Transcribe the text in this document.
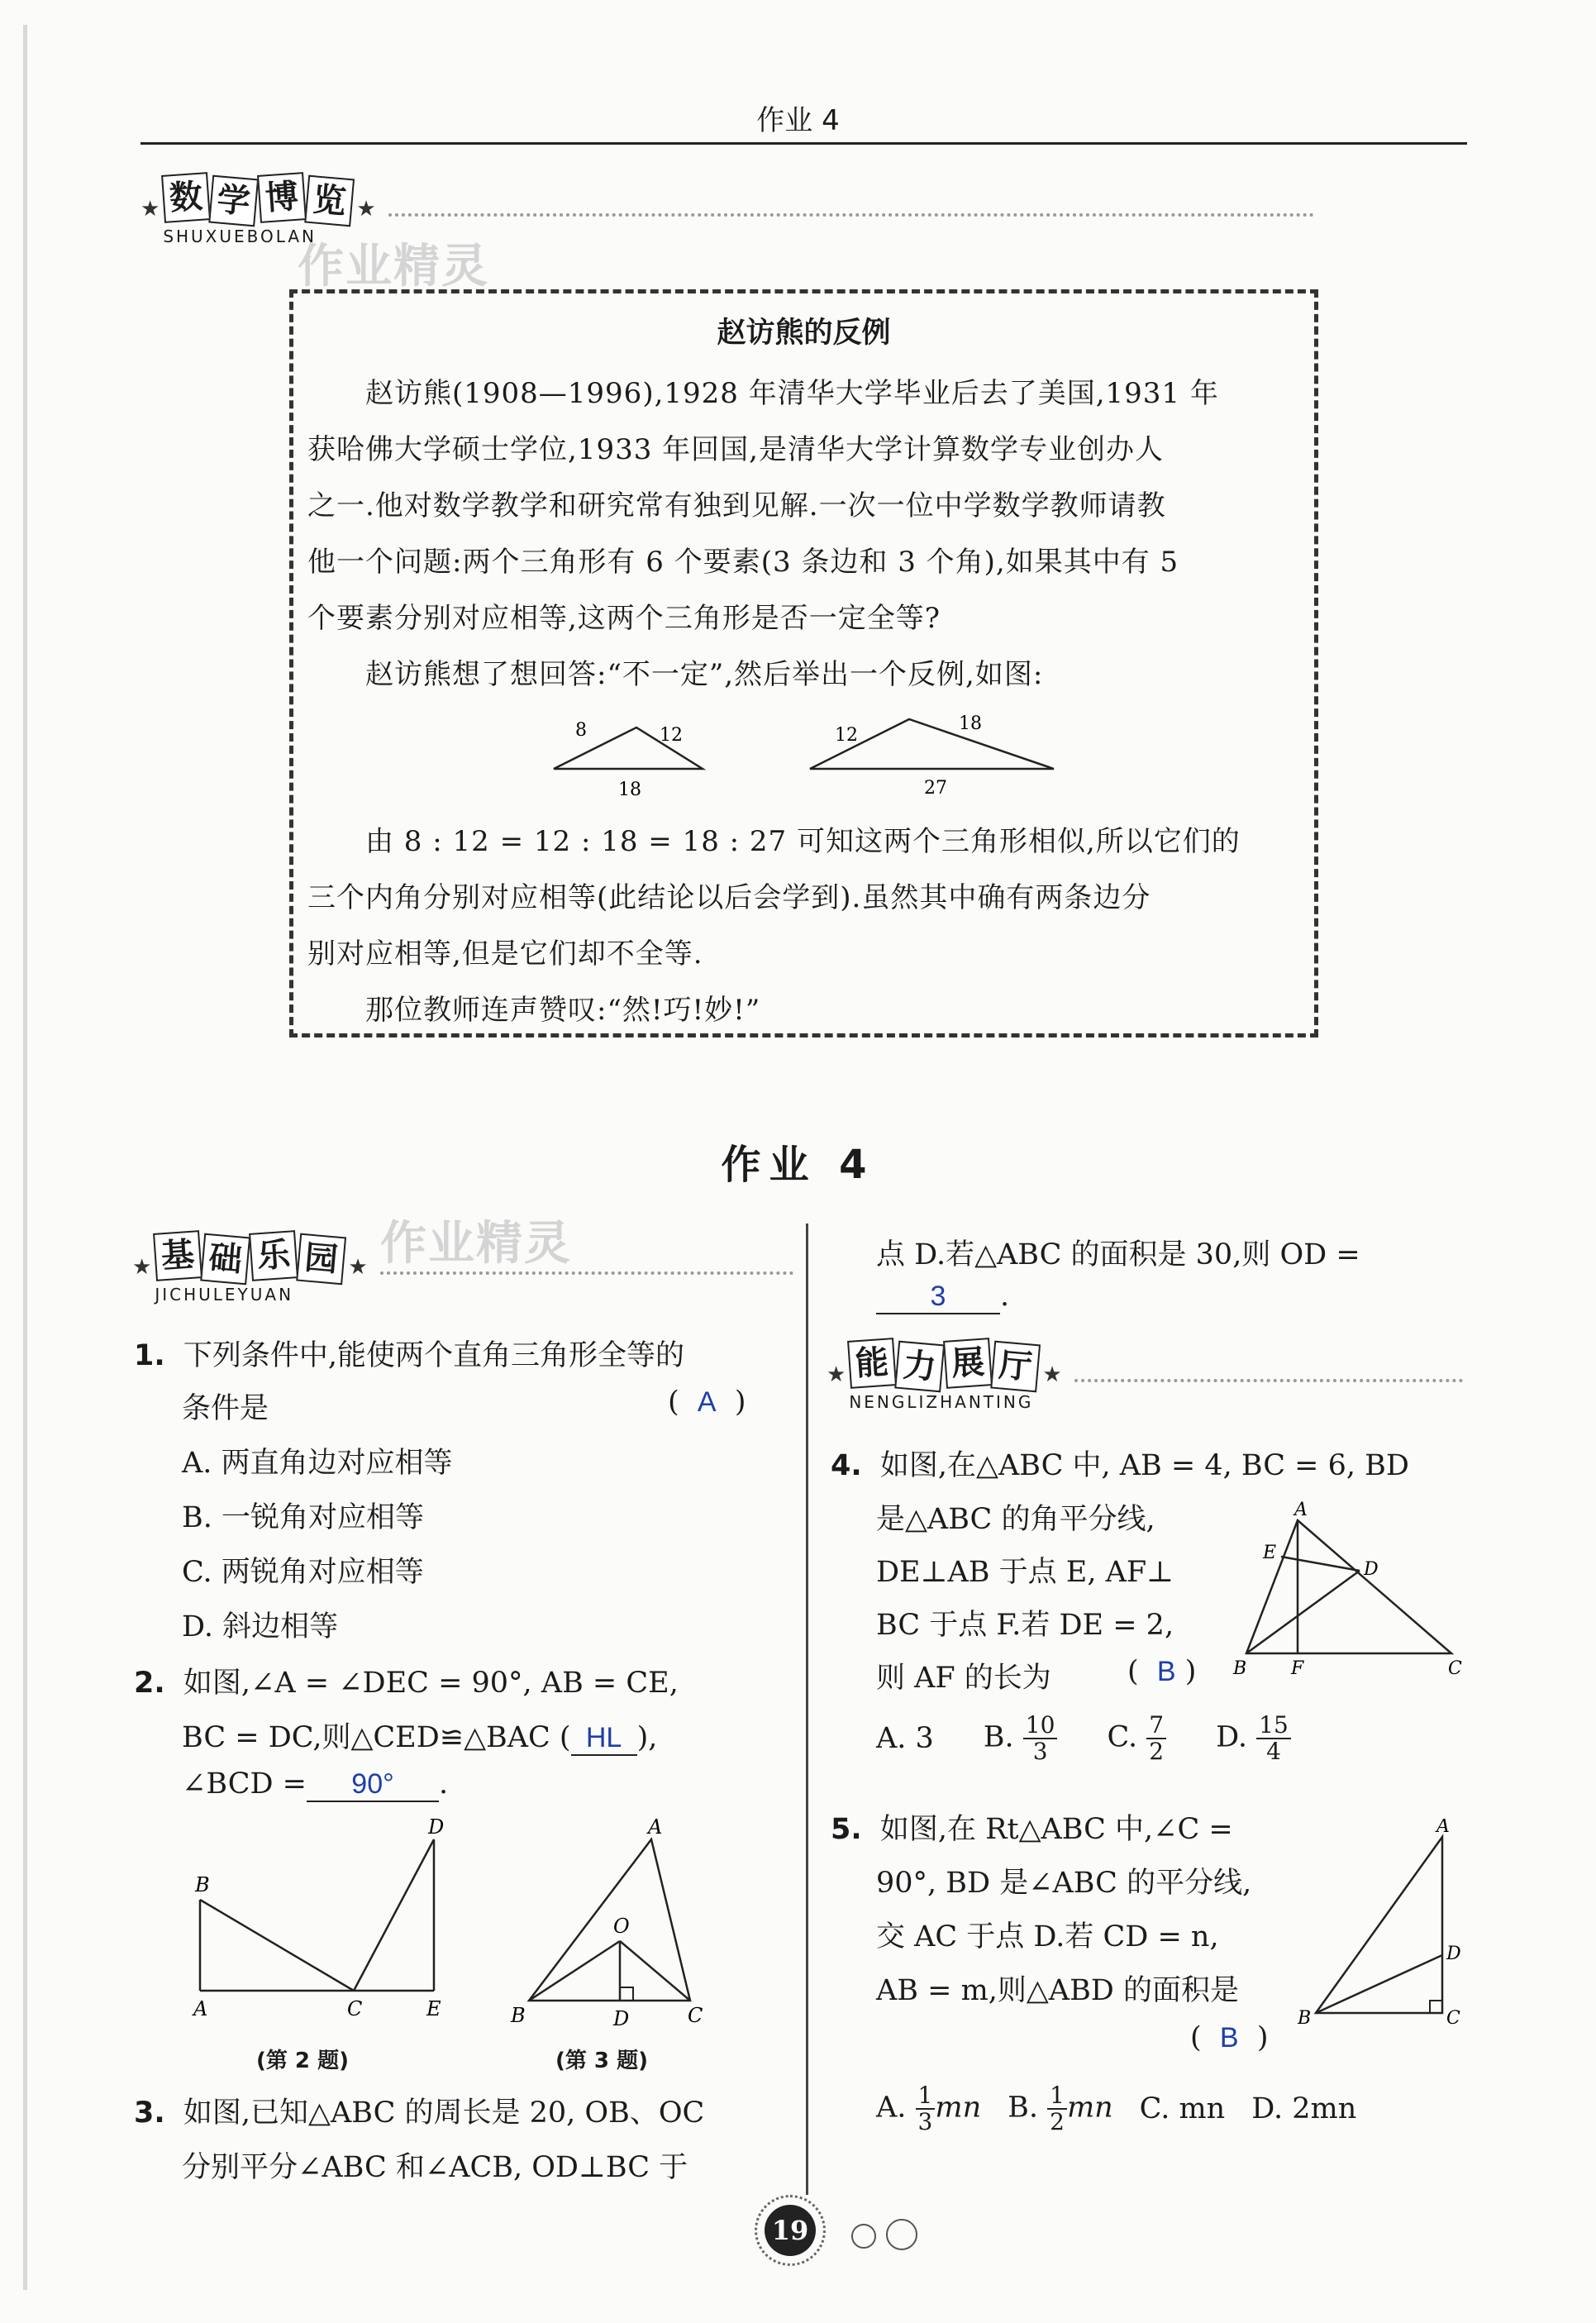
作业 4
★ 数 学 博 览
SHUXUEBOLAN
★
作业精灵
赵访熊的反例
　　赵访熊(1908—1996),1928 年清华大学毕业后去了美国,1931 年
获哈佛大学硕士学位,1933 年回国,是清华大学计算数学专业创办人
之一.他对数学教学和研究常有独到见解.一次一位中学数学教师请教
他一个问题:两个三角形有 6 个要素(3 条边和 3 个角),如果其中有 5
个要素分别对应相等,这两个三角形是否一定全等?
　　赵访熊想了想回答:“不一定”,然后举出一个反例,如图:
8	12
18
12
18
27
　　由 8 : 12 = 12 : 18 = 18 : 27 可知这两个三角形相似,所以它们的
三个内角分别对应相等(此结论以后会学到).虽然其中确有两条边分
别对应相等,但是它们却不全等.
　　那位教师连声赞叹:“然!巧!妙!”
作业 4
★ 基 础 乐 园
JICHULEYUAN
★ 作业精灵
1. 下列条件中,能使两个直角三角形全等的
条件是	(  A  )
A. 两直角边对应相等
B. 一锐角对应相等
C. 两锐角对应相等
D. 斜边相等
2. 如图,∠A = ∠DEC = 90°, AB = CE,
BC = DC,则△CED≌△BAC ( HL ),
∠BCD = 90° .
B
A	C	E
D
(第 2 题)
A
O
B	D	C
(第 3 题)
3. 如图,已知△ABC 的周长是 20, OB、OC
分别平分∠ABC 和∠ACB, OD⊥BC 于
点 D.若△ABC 的面积是 30,则 OD =
3 .
★ 能 力 展 厅
NENGLIZHANTING
★
4. 如图,在△ABC 中, AB = 4, BC = 6, BD
是△ABC 的角平分线,
DE⊥AB 于点 E, AF⊥
BC 于点 F.若 DE = 2,
则 AF 的长为	(  B )
A
E
D
B F	C
A. 3 B. $\frac{10}{3} C$. $\frac{7}{2} D$. $\frac{15}{4}$
5. 如图,在 Rt△ABC 中,∠C =
90°, BD 是∠ABC 的平分线,
交 AC 于点 D.若 CD = n,
AB = m,则△ABD 的面积是
(  B  )
A
D
B	C
A. $\frac{1}{3}$ mn B. $\frac{1}{2}$ mn C. mn D. 2mn
19
